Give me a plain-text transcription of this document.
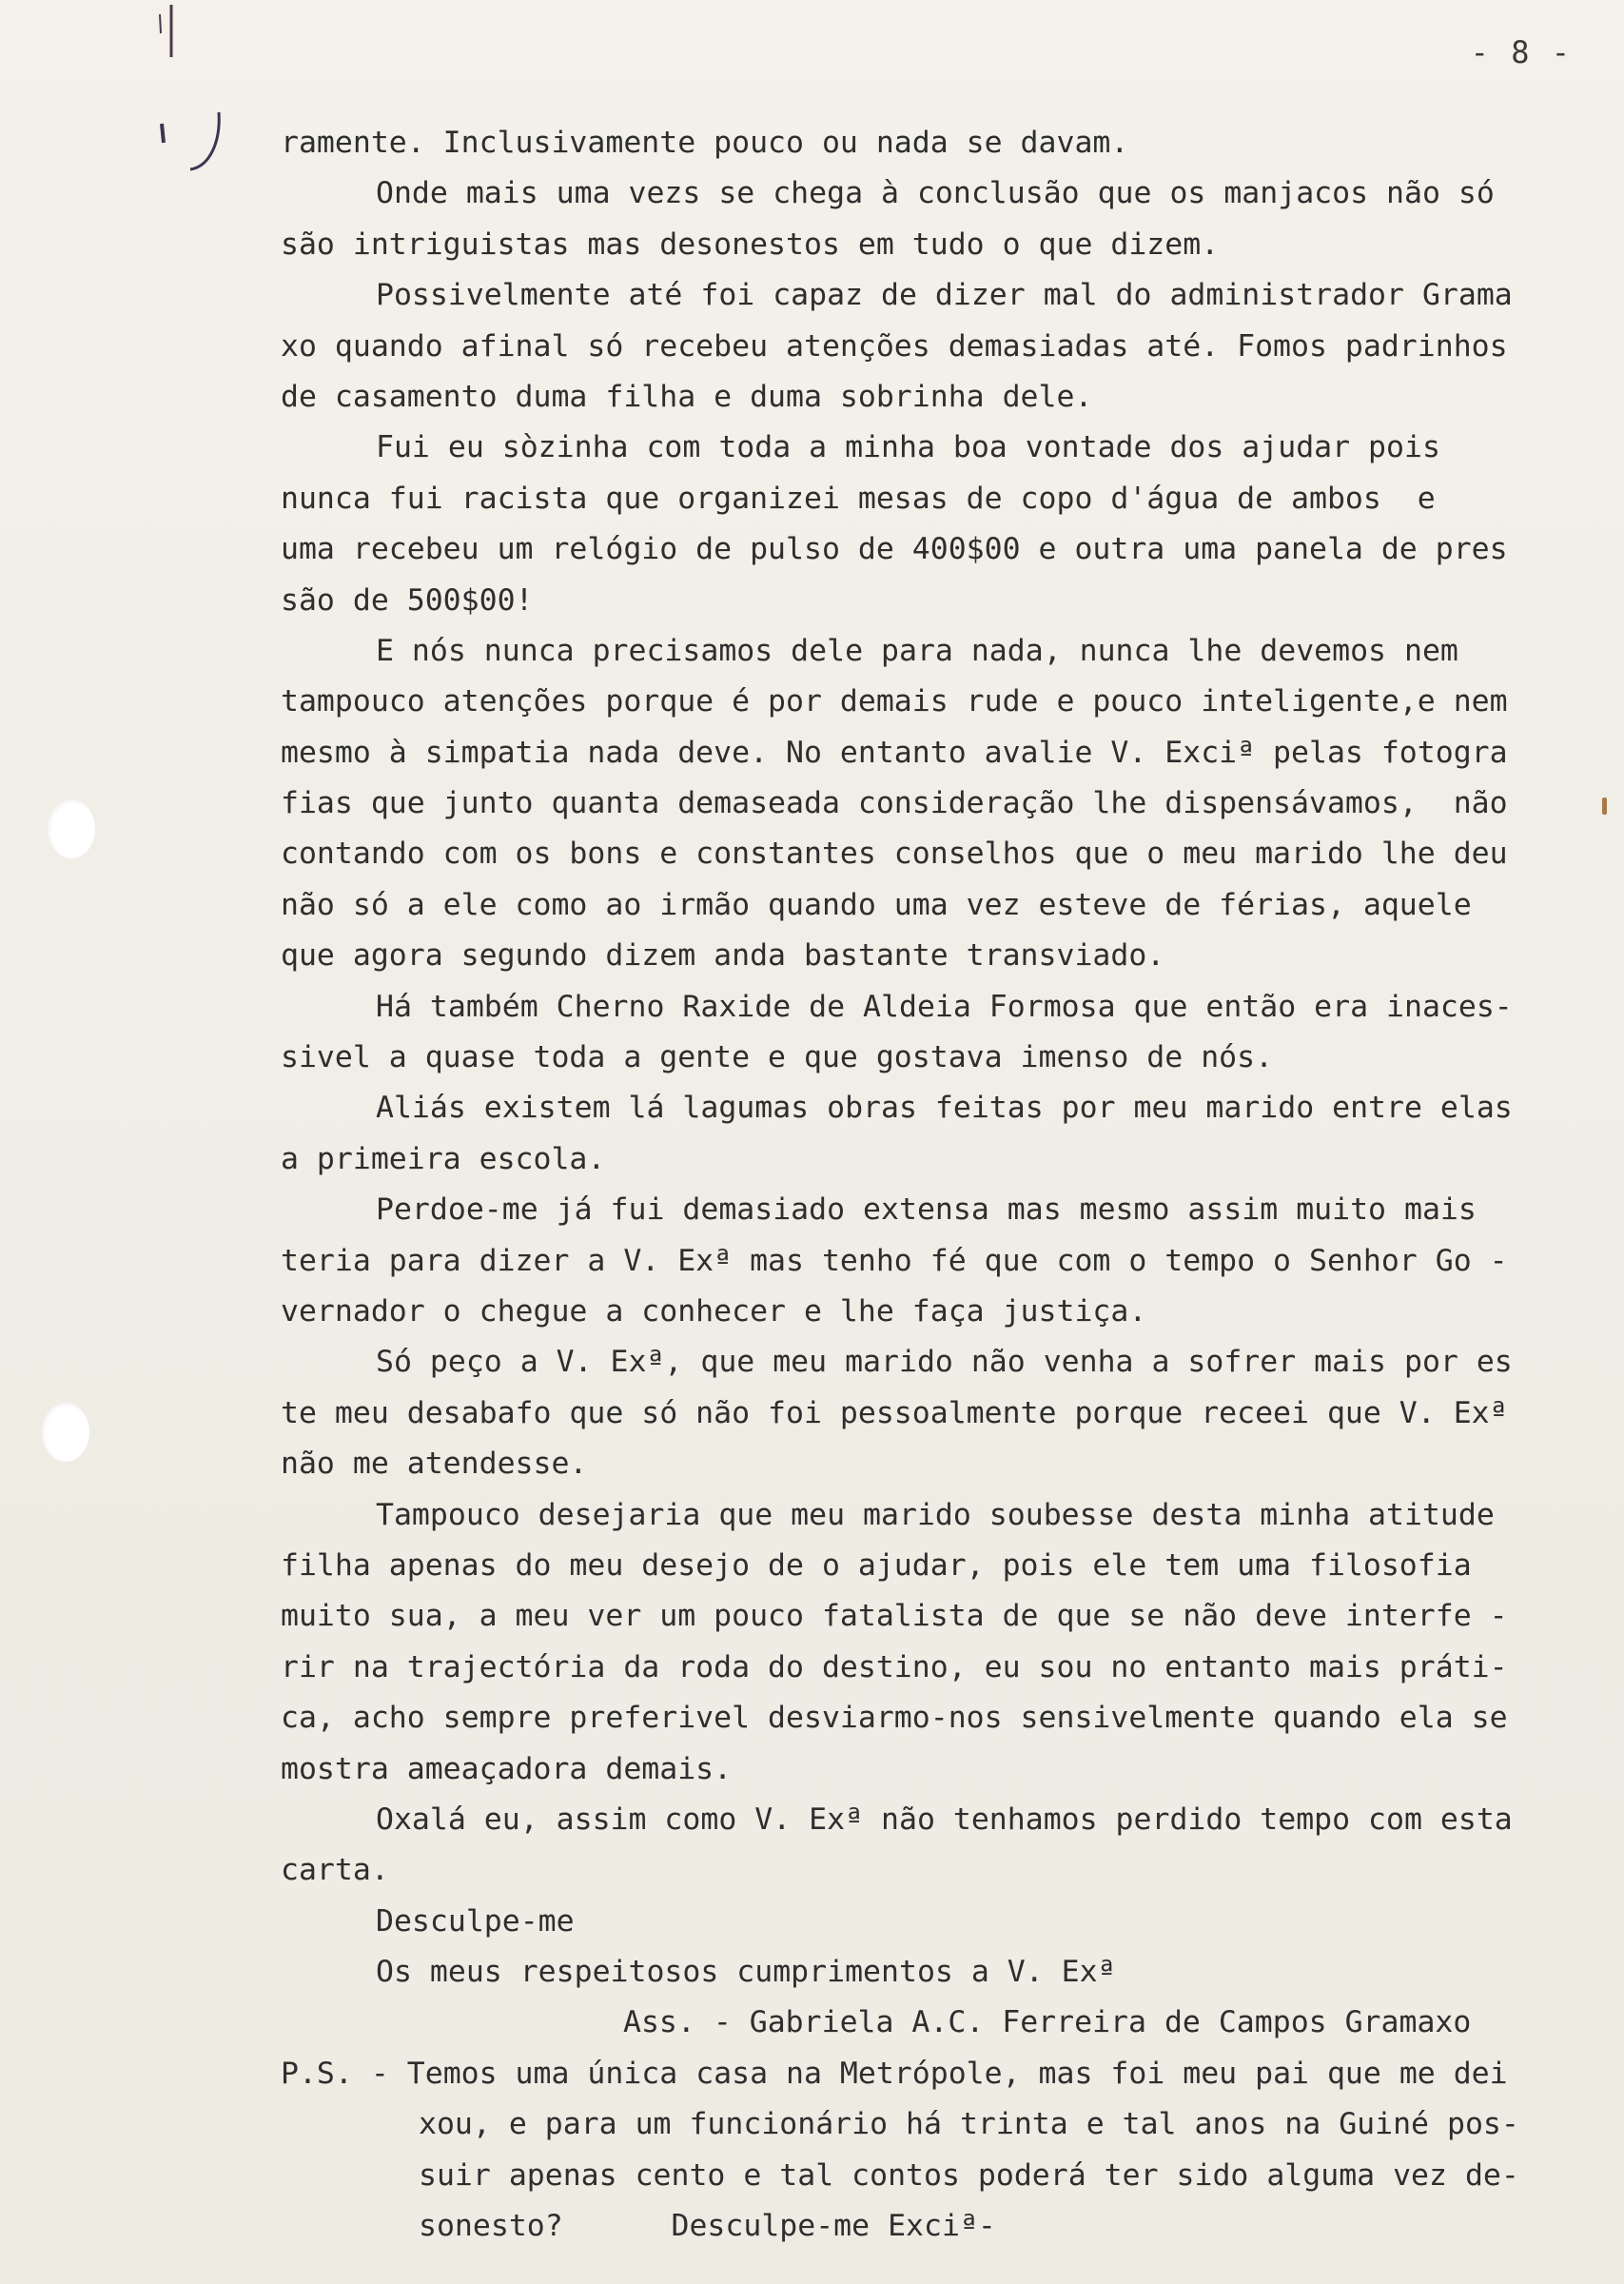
- 8 -
ramente. Inclusivamente pouco ou nada se davam.
Onde mais uma vezs se chega à conclusão que os manjacos não só
são intriguistas mas desonestos em tudo o que dizem.
Possivelmente até foi capaz de dizer mal do administrador Grama
xo quando afinal só recebeu atenções demasiadas até. Fomos padrinhos
de casamento duma filha e duma sobrinha dele.
Fui eu sòzinha com toda a minha boa vontade dos ajudar pois
nunca fui racista que organizei mesas de copo d'água de ambos  e
uma recebeu um relógio de pulso de 400$00 e outra uma panela de pres
são de 500$00!
E nós nunca precisamos dele para nada, nunca lhe devemos nem
tampouco atenções porque é por demais rude e pouco inteligente,e nem
mesmo à simpatia nada deve. No entanto avalie V. Exciª pelas fotogra
fias que junto quanta demaseada consideração lhe dispensávamos,  não
contando com os bons e constantes conselhos que o meu marido lhe deu
não só a ele como ao irmão quando uma vez esteve de férias, aquele
que agora segundo dizem anda bastante transviado.
Há também Cherno Raxide de Aldeia Formosa que então era inaces-
sivel a quase toda a gente e que gostava imenso de nós.
Aliás existem lá lagumas obras feitas por meu marido entre elas
a primeira escola.
Perdoe-me já fui demasiado extensa mas mesmo assim muito mais
teria para dizer a V. Exª mas tenho fé que com o tempo o Senhor Go -
vernador o chegue a conhecer e lhe faça justiça.
Só peço a V. Exª, que meu marido não venha a sofrer mais por es
te meu desabafo que só não foi pessoalmente porque receei que V. Exª
não me atendesse.
Tampouco desejaria que meu marido soubesse desta minha atitude
filha apenas do meu desejo de o ajudar, pois ele tem uma filosofia
muito sua, a meu ver um pouco fatalista de que se não deve interfe -
rir na trajectória da roda do destino, eu sou no entanto mais práti-
ca, acho sempre preferivel desviarmo-nos sensivelmente quando ela se
mostra ameaçadora demais.
Oxalá eu, assim como V. Exª não tenhamos perdido tempo com esta
carta.
Desculpe-me
Os meus respeitosos cumprimentos a V. Exª
Ass. - Gabriela A.C. Ferreira de Campos Gramaxo
P.S. - Temos uma única casa na Metrópole, mas foi meu pai que me dei
xou, e para um funcionário há trinta e tal anos na Guiné pos-
suir apenas cento e tal contos poderá ter sido alguma vez de-
sonesto?      Desculpe-me Exciª-
